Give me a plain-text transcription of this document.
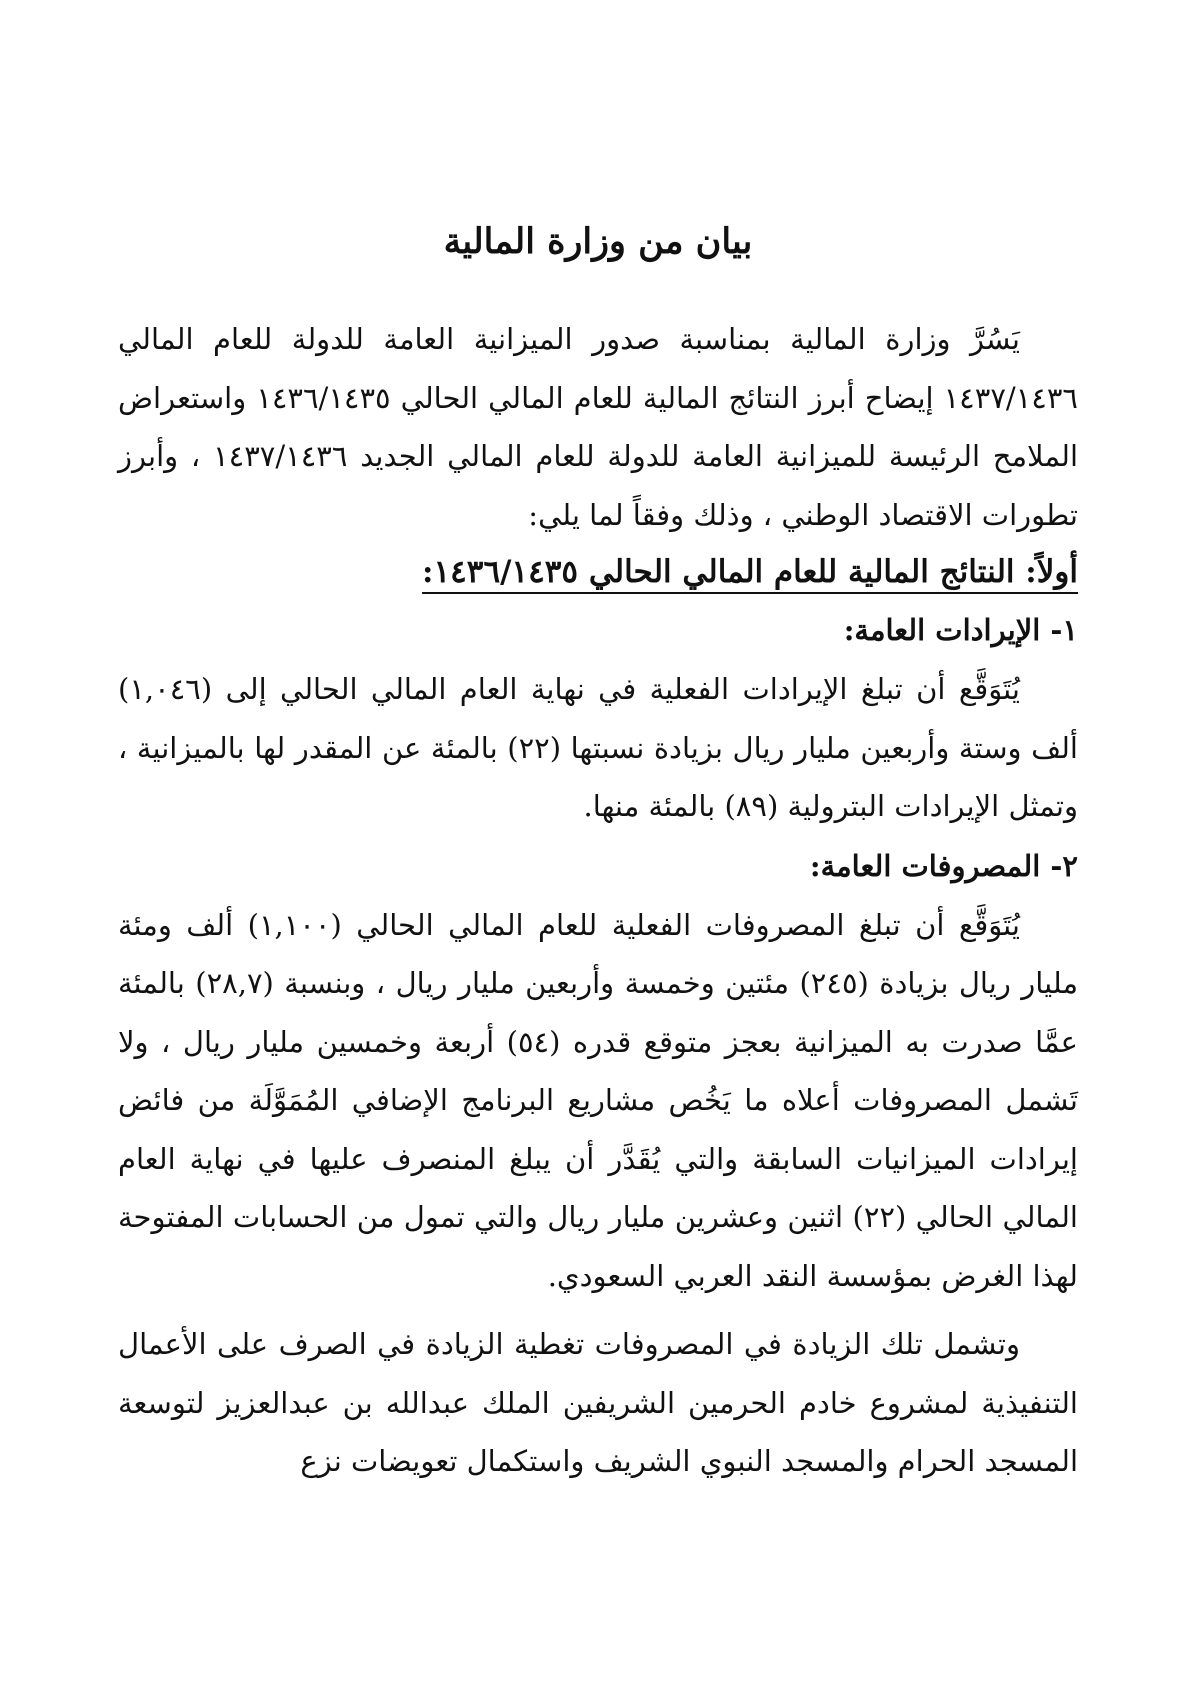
بيان من وزارة المالية

يَسُرَّ وزارة المالية بمناسبة صدور الميزانية العامة للدولة للعام المالي ١٤٣٧/١٤٣٦ إيضاح أبرز النتائج المالية للعام المالي الحالي ١٤٣٦/١٤٣٥ واستعراض الملامح الرئيسة للميزانية العامة للدولة للعام المالي الجديد ١٤٣٧/١٤٣٦ ، وأبرز تطورات الاقتصاد الوطني ، وذلك وفقاً لما يلي:

أولاً: النتائج المالية للعام المالي الحالي ١٤٣٦/١٤٣٥:
١- الإيرادات العامة:

يُتَوَقَّع أن تبلغ الإيرادات الفعلية في نهاية العام المالي الحالي إلى (١,٠٤٦) ألف وستة وأربعين مليار ريال بزيادة نسبتها (٢٢) بالمئة عن المقدر لها بالميزانية ، وتمثل الإيرادات البترولية (٨٩) بالمئة منها.

٢- المصروفات العامة:

يُتَوَقَّع أن تبلغ المصروفات الفعلية للعام المالي الحالي (١,١٠٠) ألف ومئة مليار ريال بزيادة (٢٤٥) مئتين وخمسة وأربعين مليار ريال ، وبنسبة (٢٨,٧) بالمئة عمَّا صدرت به الميزانية بعجز متوقع قدره (٥٤) أربعة وخمسين مليار ريال ، ولا تَشمل المصروفات أعلاه ما يَخُص مشاريع البرنامج الإضافي المُمَوَّلَة من فائض إيرادات الميزانيات السابقة والتي يُقَدَّر أن يبلغ المنصرف عليها في نهاية العام المالي الحالي (٢٢) اثنين وعشرين مليار ريال والتي تمول من الحسابات المفتوحة لهذا الغرض بمؤسسة النقد العربي السعودي.

وتشمل تلك الزيادة في المصروفات تغطية الزيادة في الصرف على الأعمال التنفيذية لمشروع خادم الحرمين الشريفين الملك عبدالله بن عبدالعزيز لتوسعة المسجد الحرام والمسجد النبوي الشريف واستكمال تعويضات نزع
